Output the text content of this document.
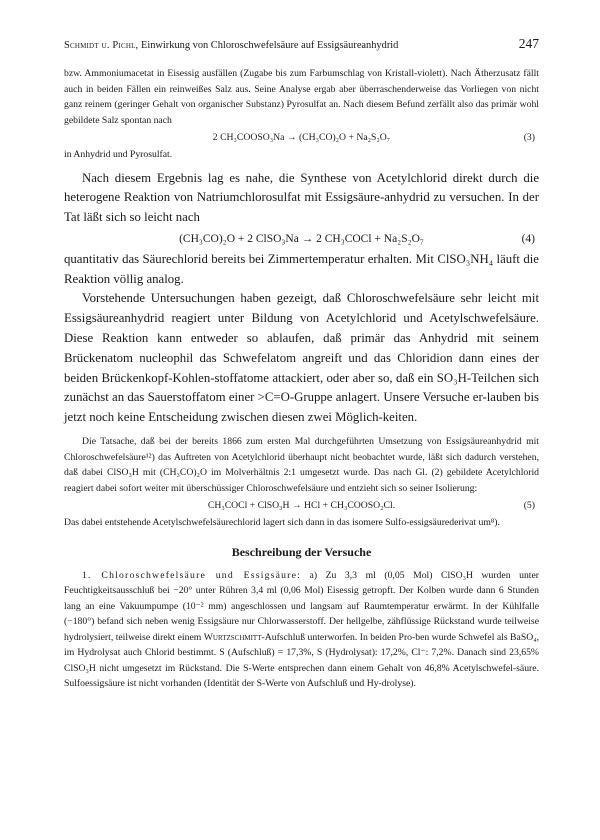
Schmidt u. Pichl, Einwirkung von Chloroschwefelsäure auf Essigsäureanhydrid	247

bzw. Ammoniumacetat in Eisessig ausfällen (Zugabe bis zum Farbumschlag von Kristall-violett). Nach Ätherzusatz fällt auch in beiden Fällen ein reinweißes Salz aus. Seine Analyse ergab aber überraschenderweise das Vorliegen von nicht ganz reinem (geringer Gehalt von organischer Substanz) Pyrosulfat an. Nach diesem Befund zerfällt also das primär wohl gebildete Salz spontan nach

2 CH₃COOSO₃Na → (CH₃CO)₂O + Na₂S₂O₇	(3)

in Anhydrid und Pyrosulfat.

Nach diesem Ergebnis lag es nahe, die Synthese von Acetylchlorid direkt durch die heterogene Reaktion von Natriumchlorosulfat mit Essigsäure-anhydrid zu versuchen. In der Tat läßt sich so leicht nach

(CH₃CO)₂O + 2 ClSO₃Na → 2 CH₃COCl + Na₂S₂O₇	(4)

quantitativ das Säurechlorid bereits bei Zimmertemperatur erhalten. Mit ClSO₃NH₄ läuft die Reaktion völlig analog.

Vorstehende Untersuchungen haben gezeigt, daß Chloroschwefelsäure sehr leicht mit Essigsäureanhydrid reagiert unter Bildung von Acetylchlorid und Acetylschwefelsäure. Diese Reaktion kann entweder so ablaufen, daß primär das Anhydrid mit seinem Brückenatom nucleophil das Schwefelatom angreift und das Chloridion dann eines der beiden Brückenkopf-Kohlen-stoffatome attackiert, oder aber so, daß ein SO₃H-Teilchen sich zunächst an das Sauerstoffatom einer >C=O-Gruppe anlagert. Unsere Versuche er-lauben bis jetzt noch keine Entscheidung zwischen diesen zwei Möglich-keiten.

Die Tatsache, daß bei der bereits 1866 zum ersten Mal durchgeführten Umsetzung von Essigsäureanhydrid mit Chloroschwefelsäure¹²) das Auftreten von Acetylchlorid überhaupt nicht beobachtet wurde, läßt sich dadurch verstehen, daß dabei ClSO₃H mit (CH₃CO)₂O im Molverhältnis 2:1 umgesetzt wurde. Das nach Gl. (2) gebildete Acetylchlorid reagiert dabei sofort weiter mit überschüssiger Chloroschwefelsäure und entzieht sich so seiner Isolierung:

CH₃COCl + ClSO₃H → HCl + CH₃COOSO₂Cl.	(5)

Das dabei entstehende Acetylschwefelsäurechlorid lagert sich dann in das isomere Sulfo-essigsäurederivat um⁸).

Beschreibung der Versuche

1. Chloroschwefelsäure und Essigsäure: a) Zu 3,3 ml (0,05 Mol) ClSO₃H wurden unter Feuchtigkeitsausschluß bei −20° unter Rühren 3,4 ml (0,06 Mol) Eisessig getropft. Der Kolben wurde dann 6 Stunden lang an eine Vakuumpumpe (10⁻² mm) angeschlossen und langsam auf Raumtemperatur erwärmt. In der Kühlfalle (−180°) befand sich neben wenig Essigsäure nur Chlorwasserstoff. Der hellgelbe, zähflüssige Rückstand wurde teilweise hydrolysiert, teilweise direkt einem Wurtzschmitt-Aufschluß unterworfen. In beiden Pro-ben wurde Schwefel als BaSO₄, im Hydrolysat auch Chlorid bestimmt. S (Aufschluß) = 17,3%, S (Hydrolysat): 17,2%, Cl⁻: 7,2%. Danach sind 23,65% ClSO₃H nicht umgesetzt im Rückstand. Die S-Werte entsprechen dann einem Gehalt von 46,8% Acetylschwefel-säure. Sulfoessigsäure ist nicht vorhanden (Identität der S-Werte von Aufschluß und Hy-drolyse).
